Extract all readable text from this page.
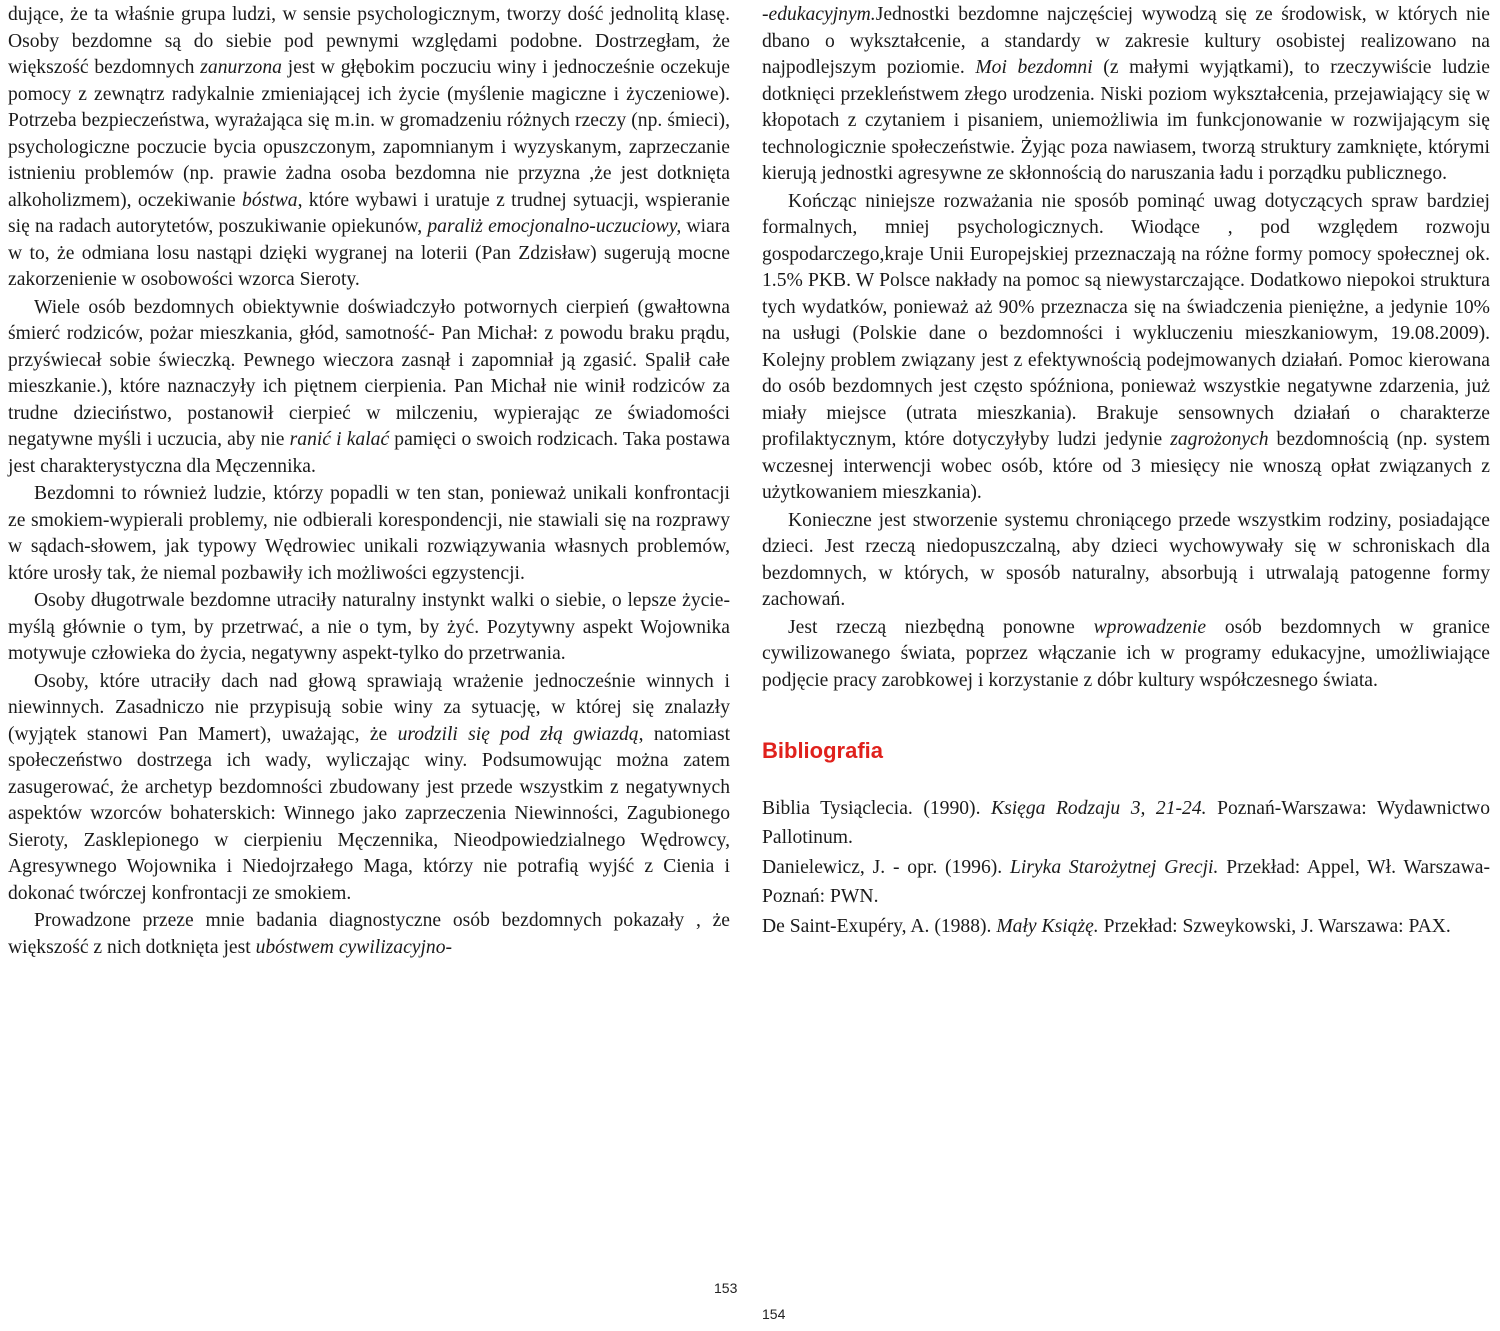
dujące, że ta właśnie grupa ludzi, w sensie psychologicznym, tworzy dość jednolitą klasę. Osoby bezdomne są do siebie pod pewnymi względami podobne. Dostrzegłam, że większość bezdomnych zanurzona jest w głębokim poczuciu winy i jednocześnie oczekuje pomocy z zewnątrz radykalnie zmieniającej ich życie (myślenie magiczne i życzeniowe). Potrzeba bezpieczeństwa, wyrażająca się m.in. w gromadzeniu różnych rzeczy (np. śmieci), psychologiczne poczucie bycia opuszczonym, zapomnianym i wyzyskanym, zaprzeczanie istnieniu problemów (np. prawie żadna osoba bezdomna nie przyzna ,że jest dotknięta alkoholizmem), oczekiwanie bóstwa, które wybawi i uratuje z trudnej sytuacji, wspieranie się na radach autorytetów, poszukiwanie opiekunów, paraliż emocjonalno-uczuciowy, wiara w to, że odmiana losu nastąpi dzięki wygranej na loterii (Pan Zdzisław) sugerują mocne zakorzenienie w osobowości wzorca Sieroty.

Wiele osób bezdomnych obiektywnie doświadczyło potwornych cierpień (gwałtowna śmierć rodziców, pożar mieszkania, głód, samotność- Pan Michał: z powodu braku prądu, przyświecał sobie świeczką. Pewnego wieczora zasnął i zapomniał ją zgasić. Spalił całe mieszkanie.), które naznaczyły ich piętnem cierpienia. Pan Michał nie winił rodziców za trudne dzieciństwo, postanowił cierpieć w milczeniu, wypierając ze świadomości negatywne myśli i uczucia, aby nie ranić i kalać pamięci o swoich rodzicach. Taka postawa jest charakterystyczna dla Męczennika.

Bezdomni to również ludzie, którzy popadli w ten stan, ponieważ unikali konfrontacji ze smokiem-wypierali problemy, nie odbierali korespondencji, nie stawiali się na rozprawy w sądach-słowem, jak typowy Wędrowiec unikali rozwiązywania własnych problemów, które urosły tak, że niemal pozbawiły ich możliwości egzystencji.

Osoby długotrwale bezdomne utraciły naturalny instynkt walki o siebie, o lepsze życie- myślą głównie o tym, by przetrwać, a nie o tym, by żyć. Pozytywny aspekt Wojownika motywuje człowieka do życia, negatywny aspekt-tylko do przetrwania.

Osoby, które utraciły dach nad głową sprawiają wrażenie jednocześnie winnych i niewinnych. Zasadniczo nie przypisują sobie winy za sytuację, w której się znalazły (wyjątek stanowi Pan Mamert), uważając, że urodzili się pod złą gwiazdą, natomiast społeczeństwo dostrzega ich wady, wyliczając winy. Podsumowując można zatem zasugerować, że archetyp bezdomności zbudowany jest przede wszystkim z negatywnych aspektów wzorców bohaterskich: Winnego jako zaprzeczenia Niewinności, Zagubionego Sieroty, Zasklepionego w cierpieniu Męczennika, Nieodpowiedzialnego Wędrowcy, Agresywnego Wojownika i Niedojrzałego Maga, którzy nie potrafią wyjść z Cienia i dokonać twórczej konfrontacji ze smokiem.

Prowadzone przeze mnie badania diagnostyczne osób bezdomnych pokazały , że większość z nich dotknięta jest ubóstwem cywilizacyjno-

-edukacyjnym.Jednostki bezdomne najczęściej wywodzą się ze środowisk, w których nie dbano o wykształcenie, a standardy w zakresie kultury osobistej realizowano na najpodlejszym poziomie. Moi bezdomni (z małymi wyjątkami), to rzeczywiście ludzie dotknięci przekleństwem złego urodzenia. Niski poziom wykształcenia, przejawiający się w kłopotach z czytaniem i pisaniem, uniemożliwia im funkcjonowanie w rozwijającym się technologicznie społeczeństwie. Żyjąc poza nawiasem, tworzą struktury zamknięte, którymi kierują jednostki agresywne ze skłonnością do naruszania ładu i porządku publicznego.

Kończąc niniejsze rozważania nie sposób pominąć uwag dotyczących spraw bardziej formalnych, mniej psychologicznych. Wiodące , pod względem rozwoju gospodarczego,kraje Unii Europejskiej przeznaczają na różne formy pomocy społecznej ok. 1.5% PKB. W Polsce nakłady na pomoc są niewystarczające. Dodatkowo niepokoi struktura tych wydatków, ponieważ aż 90% przeznacza się na świadczenia pieniężne, a jedynie 10% na usługi (Polskie dane o bezdomności i wykluczeniu mieszkaniowym, 19.08.2009). Kolejny problem związany jest z efektywnością podejmowanych działań. Pomoc kierowana do osób bezdomnych jest często spóźniona, ponieważ wszystkie negatywne zdarzenia, już miały miejsce (utrata mieszkania). Brakuje sensownych działań o charakterze profilaktycznym, które dotyczyłyby ludzi jedynie zagrożonych bezdomnością (np. system wczesnej interwencji wobec osób, które od 3 miesięcy nie wnoszą opłat związanych z użytkowaniem mieszkania).

Konieczne jest stworzenie systemu chroniącego przede wszystkim rodziny, posiadające dzieci. Jest rzeczą niedopuszczalną, aby dzieci wychowywały się w schroniskach dla bezdomnych, w których, w sposób naturalny, absorbują i utrwalają patogenne formy zachowań.

Jest rzeczą niezbędną ponowne wprowadzenie osób bezdomnych w granice cywilizowanego świata, poprzez włączanie ich w programy edukacyjne, umożliwiające podjęcie pracy zarobkowej i korzystanie z dóbr kultury współczesnego świata.

Bibliografia

Biblia Tysiąclecia. (1990). Księga Rodzaju 3, 21-24. Poznań-Warszawa: Wydawnictwo Pallotinum.

Danielewicz, J. - opr. (1996). Liryka Starożytnej Grecji. Przekład: Appel, Wł. Warszawa-Poznań: PWN.

De Saint-Exupéry, A. (1988). Mały Książę. Przekład: Szweykowski, J. Warszawa: PAX.

153
154
